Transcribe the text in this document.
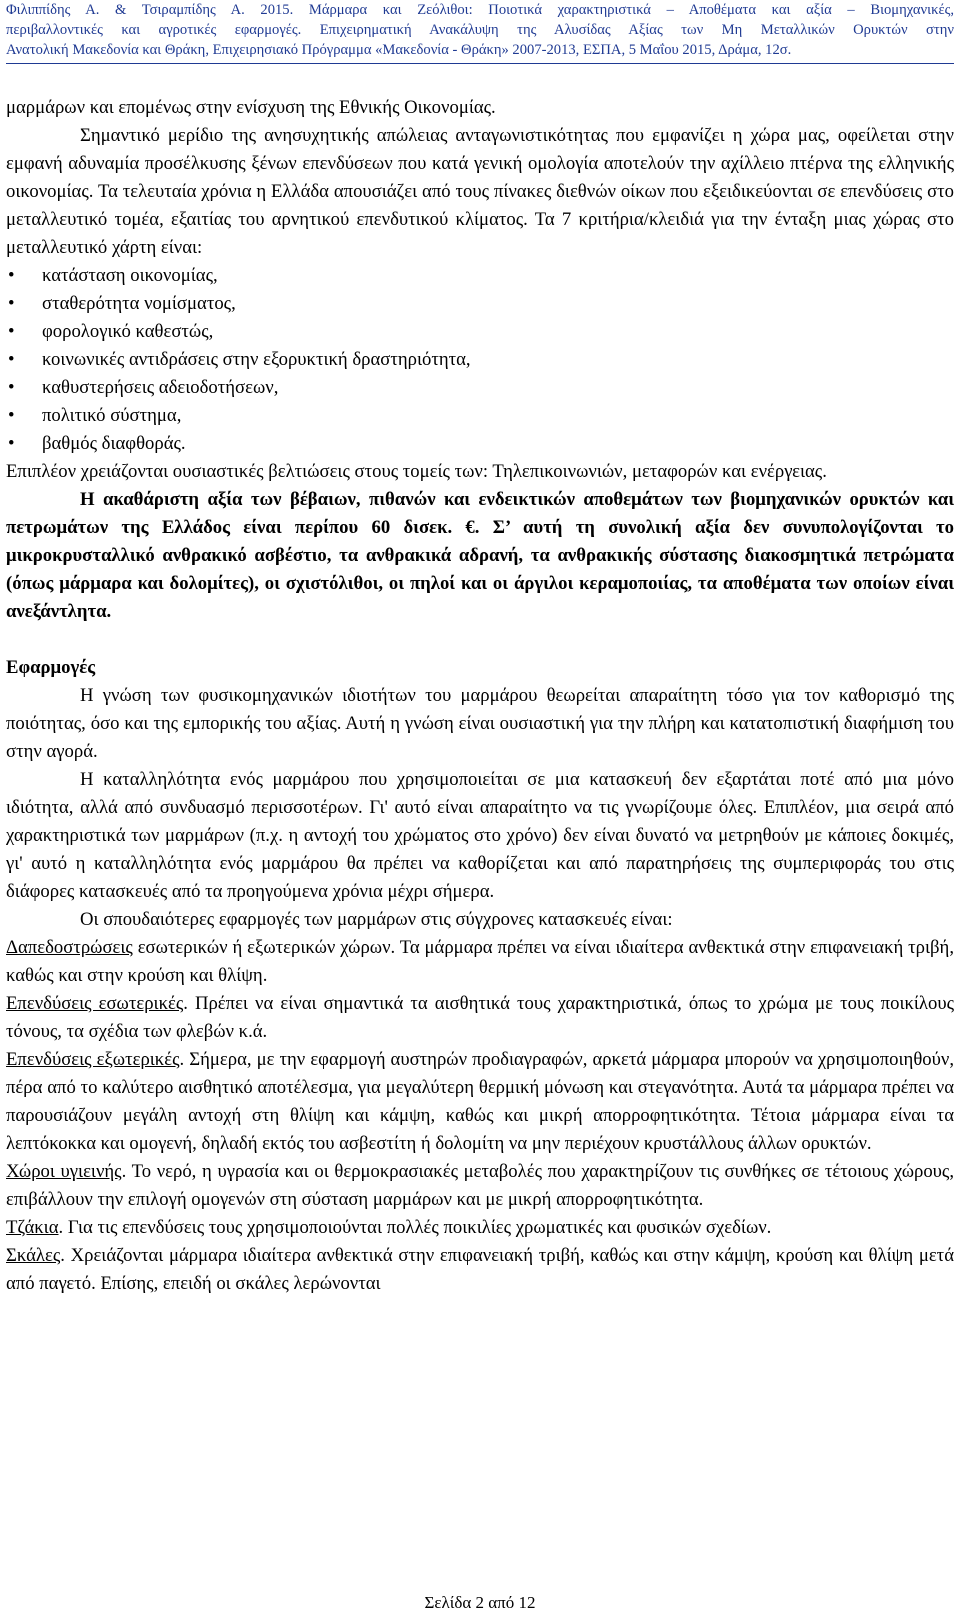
Φιλιππίδης Α. & Τσιραμπίδης Α. 2015. Μάρμαρα και Ζεόλιθοι: Ποιοτικά χαρακτηριστικά – Αποθέματα και αξία – Βιομηχανικές,
περιβαλλοντικές και αγροτικές εφαρμογές. Επιχειρηματική Ανακάλυψη της Αλυσίδας Αξίας των Μη Μεταλλικών Ορυκτών στην
Ανατολική Μακεδονία και Θράκη, Επιχειρησιακό Πρόγραμμα «Μακεδονία - Θράκη» 2007-2013, ΕΣΠΑ, 5 Μαΐου 2015, Δράμα, 12σ.

μαρμάρων και επομένως στην ενίσχυση της Εθνικής Οικονομίας.

Σημαντικό μερίδιο της ανησυχητικής απώλειας ανταγωνιστικότητας που εμφανίζει η χώρα μας, οφείλεται στην εμφανή αδυναμία προσέλκυσης ξένων επενδύσεων που κατά γενική ομολογία αποτελούν την αχίλλειο πτέρνα της ελληνικής οικονομίας. Τα τελευταία χρόνια η Ελλάδα απουσιάζει από τους πίνακες διεθνών οίκων που εξειδικεύονται σε επενδύσεις στο μεταλλευτικό τομέα, εξαιτίας του αρνητικού επενδυτικού κλίματος. Τα 7 κριτήρια/κλειδιά για την ένταξη μιας χώρας στο μεταλλευτικό χάρτη είναι:

• κατάσταση οικονομίας,
• σταθερότητα νομίσματος,
• φορολογικό καθεστώς,
• κοινωνικές αντιδράσεις στην εξορυκτική δραστηριότητα,
• καθυστερήσεις αδειοδοτήσεων,
• πολιτικό σύστημα,
• βαθμός διαφθοράς.

Επιπλέον χρειάζονται ουσιαστικές βελτιώσεις στους τομείς των: Τηλεπικοινωνιών, μεταφορών και ενέργειας.

Η ακαθάριστη αξία των βέβαιων, πιθανών και ενδεικτικών αποθεμάτων των βιομηχανικών ορυκτών και πετρωμάτων της Ελλάδος είναι περίπου 60 δισεκ. €. Σ’ αυτή τη συνολική αξία δεν συνυπολογίζονται το μικροκρυσταλλικό ανθρακικό ασβέστιο, τα ανθρακικά αδρανή, τα ανθρακικής σύστασης διακοσμητικά πετρώματα (όπως μάρμαρα και δολομίτες), οι σχιστόλιθοι, οι πηλοί και οι άργιλοι κεραμοποιίας, τα αποθέματα των οποίων είναι ανεξάντλητα.

Εφαρμογές

Η γνώση των φυσικομηχανικών ιδιοτήτων του μαρμάρου θεωρείται απαραίτητη τόσο για τον καθορισμό της ποιότητας, όσο και της εμπορικής του αξίας. Αυτή η γνώση είναι ουσιαστική για την πλήρη και κατατοπιστική διαφήμιση του στην αγορά.

Η καταλληλότητα ενός μαρμάρου που χρησιμοποιείται σε μια κατασκευή δεν εξαρτάται ποτέ από μια μόνο ιδιότητα, αλλά από συνδυασμό περισσοτέρων. Γι' αυτό είναι απαραίτητο να τις γνωρίζουμε όλες. Επιπλέον, μια σειρά από χαρακτηριστικά των μαρμάρων (π.χ. η αντοχή του χρώματος στο χρόνο) δεν είναι δυνατό να μετρηθούν με κάποιες δοκιμές, γι' αυτό η καταλληλότητα ενός μαρμάρου θα πρέπει να καθορίζεται και από παρατηρήσεις της συμπεριφοράς του στις διάφορες κατασκευές από τα προηγούμενα χρόνια μέχρι σήμερα.

Οι σπουδαιότερες εφαρμογές των μαρμάρων στις σύγχρονες κατασκευές είναι:

Δαπεδοστρώσεις εσωτερικών ή εξωτερικών χώρων. Τα μάρμαρα πρέπει να είναι ιδιαίτερα ανθεκτικά στην επιφανειακή τριβή, καθώς και στην κρούση και θλίψη.

Επενδύσεις εσωτερικές. Πρέπει να είναι σημαντικά τα αισθητικά τους χαρακτηριστικά, όπως το χρώμα με τους ποικίλους τόνους, τα σχέδια των φλεβών κ.ά.

Επενδύσεις εξωτερικές. Σήμερα, με την εφαρμογή αυστηρών προδιαγραφών, αρκετά μάρμαρα μπορούν να χρησιμοποιηθούν, πέρα από το καλύτερο αισθητικό αποτέλεσμα, για μεγαλύτερη θερμική μόνωση και στεγανότητα. Αυτά τα μάρμαρα πρέπει να παρουσιάζουν μεγάλη αντοχή στη θλίψη και κάμψη, καθώς και μικρή απορροφητικότητα. Τέτοια μάρμαρα είναι τα λεπτόκοκκα και ομογενή, δηλαδή εκτός του ασβεστίτη ή δολομίτη να μην περιέχουν κρυστάλλους άλλων ορυκτών.

Χώροι υγιεινής. Το νερό, η υγρασία και οι θερμοκρασιακές μεταβολές που χαρακτηρίζουν τις συνθήκες σε τέτοιους χώρους, επιβάλλουν την επιλογή ομογενών στη σύσταση μαρμάρων και με μικρή απορροφητικότητα.

Τζάκια. Για τις επενδύσεις τους χρησιμοποιούνται πολλές ποικιλίες χρωματικές και φυσικών σχεδίων.

Σκάλες. Χρειάζονται μάρμαρα ιδιαίτερα ανθεκτικά στην επιφανειακή τριβή, καθώς και στην κάμψη, κρούση και θλίψη μετά από παγετό. Επίσης, επειδή οι σκάλες λερώνονται

Σελίδα 2 από 12
